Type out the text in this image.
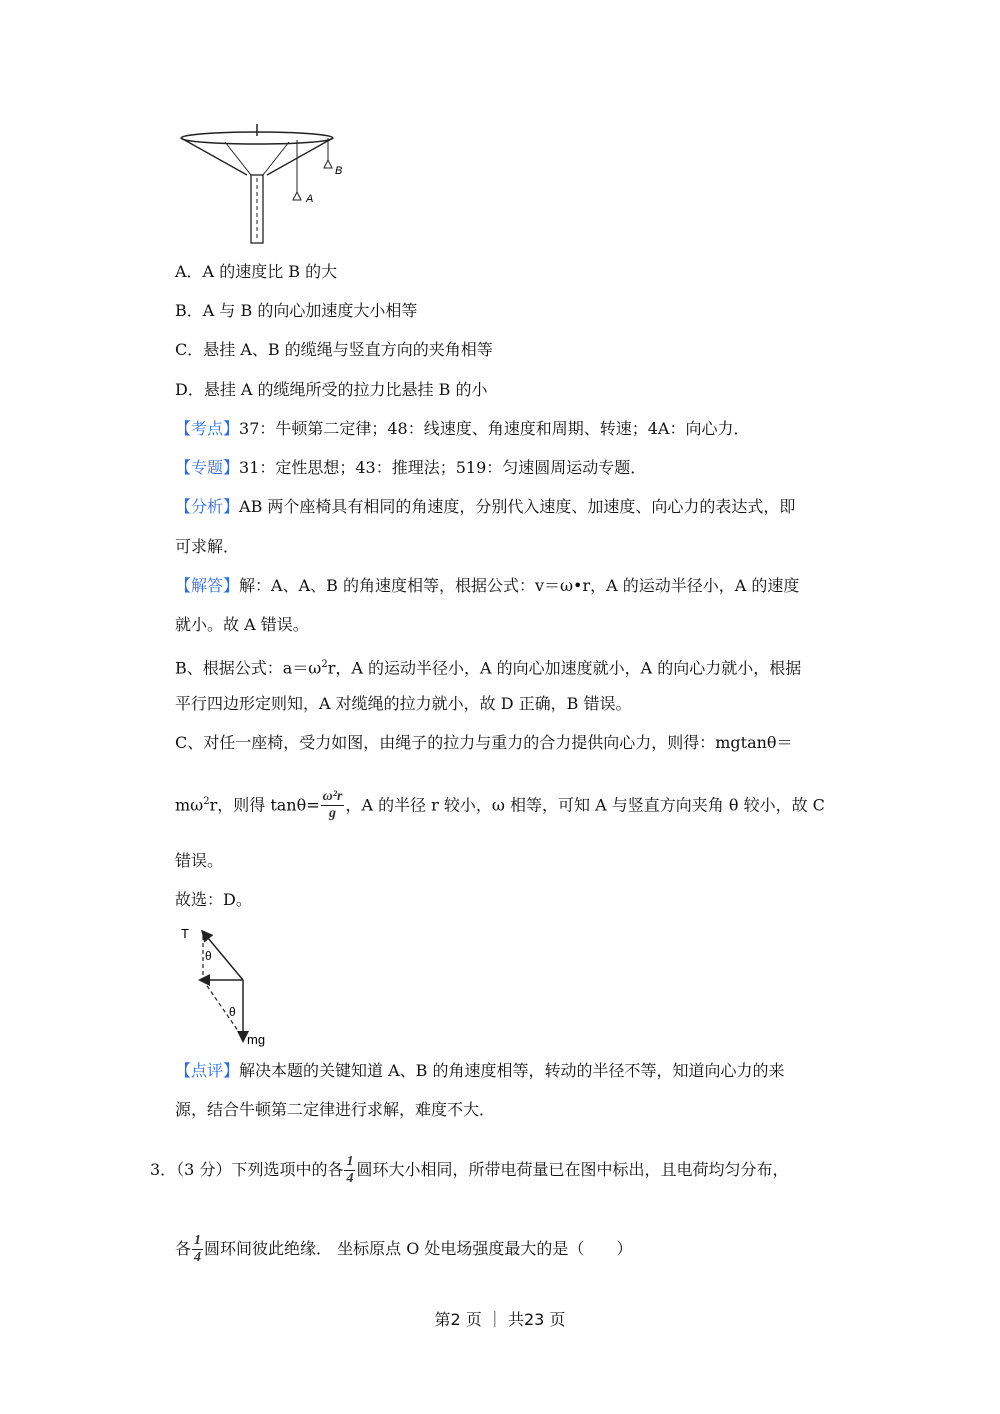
A
B
A．A 的速度比 B 的大
B．A 与 B 的向心加速度大小相等
C．悬挂 A、B 的缆绳与竖直方向的夹角相等
D．悬挂 A 的缆绳所受的拉力比悬挂 B 的小
【考点】37：牛顿第二定律；48：线速度、角速度和周期、转速；4A：向心力．
【专题】31：定性思想；43：推理法；519：匀速圆周运动专题．
【分析】AB 两个座椅具有相同的角速度，分别代入速度、加速度、向心力的表达式，即
可求解．
【解答】解：A、A、B 的角速度相等，根据公式：v＝ω•r，A 的运动半径小，A 的速度
就小。故 A 错误。
B、根据公式：$a=\omega^2r$，A 的运动半径小，A 的向心加速度就小，A 的向心力就小，根据
平行四边形定则知，A 对缆绳的拉力就小，故 D 正确，B 错误。
C、对任一座椅，受力如图，由绳子的拉力与重力的合力提供向心力，则得：mgtanθ＝
$m\omega^2r$，则得 $\tan\theta= \frac{\text{ω²r}}{g}$ ，A 的半径 r 较小，ω 相等，可知 A 与竖直方向夹角 θ 较小，故 C
错误。
故选：D。
T
θ
θ
mg
【点评】解决本题的关键知道 A、B 的角速度相等，转动的半径不等，知道向心力的来
源，结合牛顿第二定律进行求解，难度不大．
3．（3 分）下列选项中的各 $\frac{1}{4}$ 圆环大小相同，所带电荷量已在图中标出，且电荷均匀分布，
各 $\frac{1}{4}$ 圆环间彼此绝缘． 坐标原点 O 处电场强度最大的是（　　）
第2 页 ｜ 共23 页
